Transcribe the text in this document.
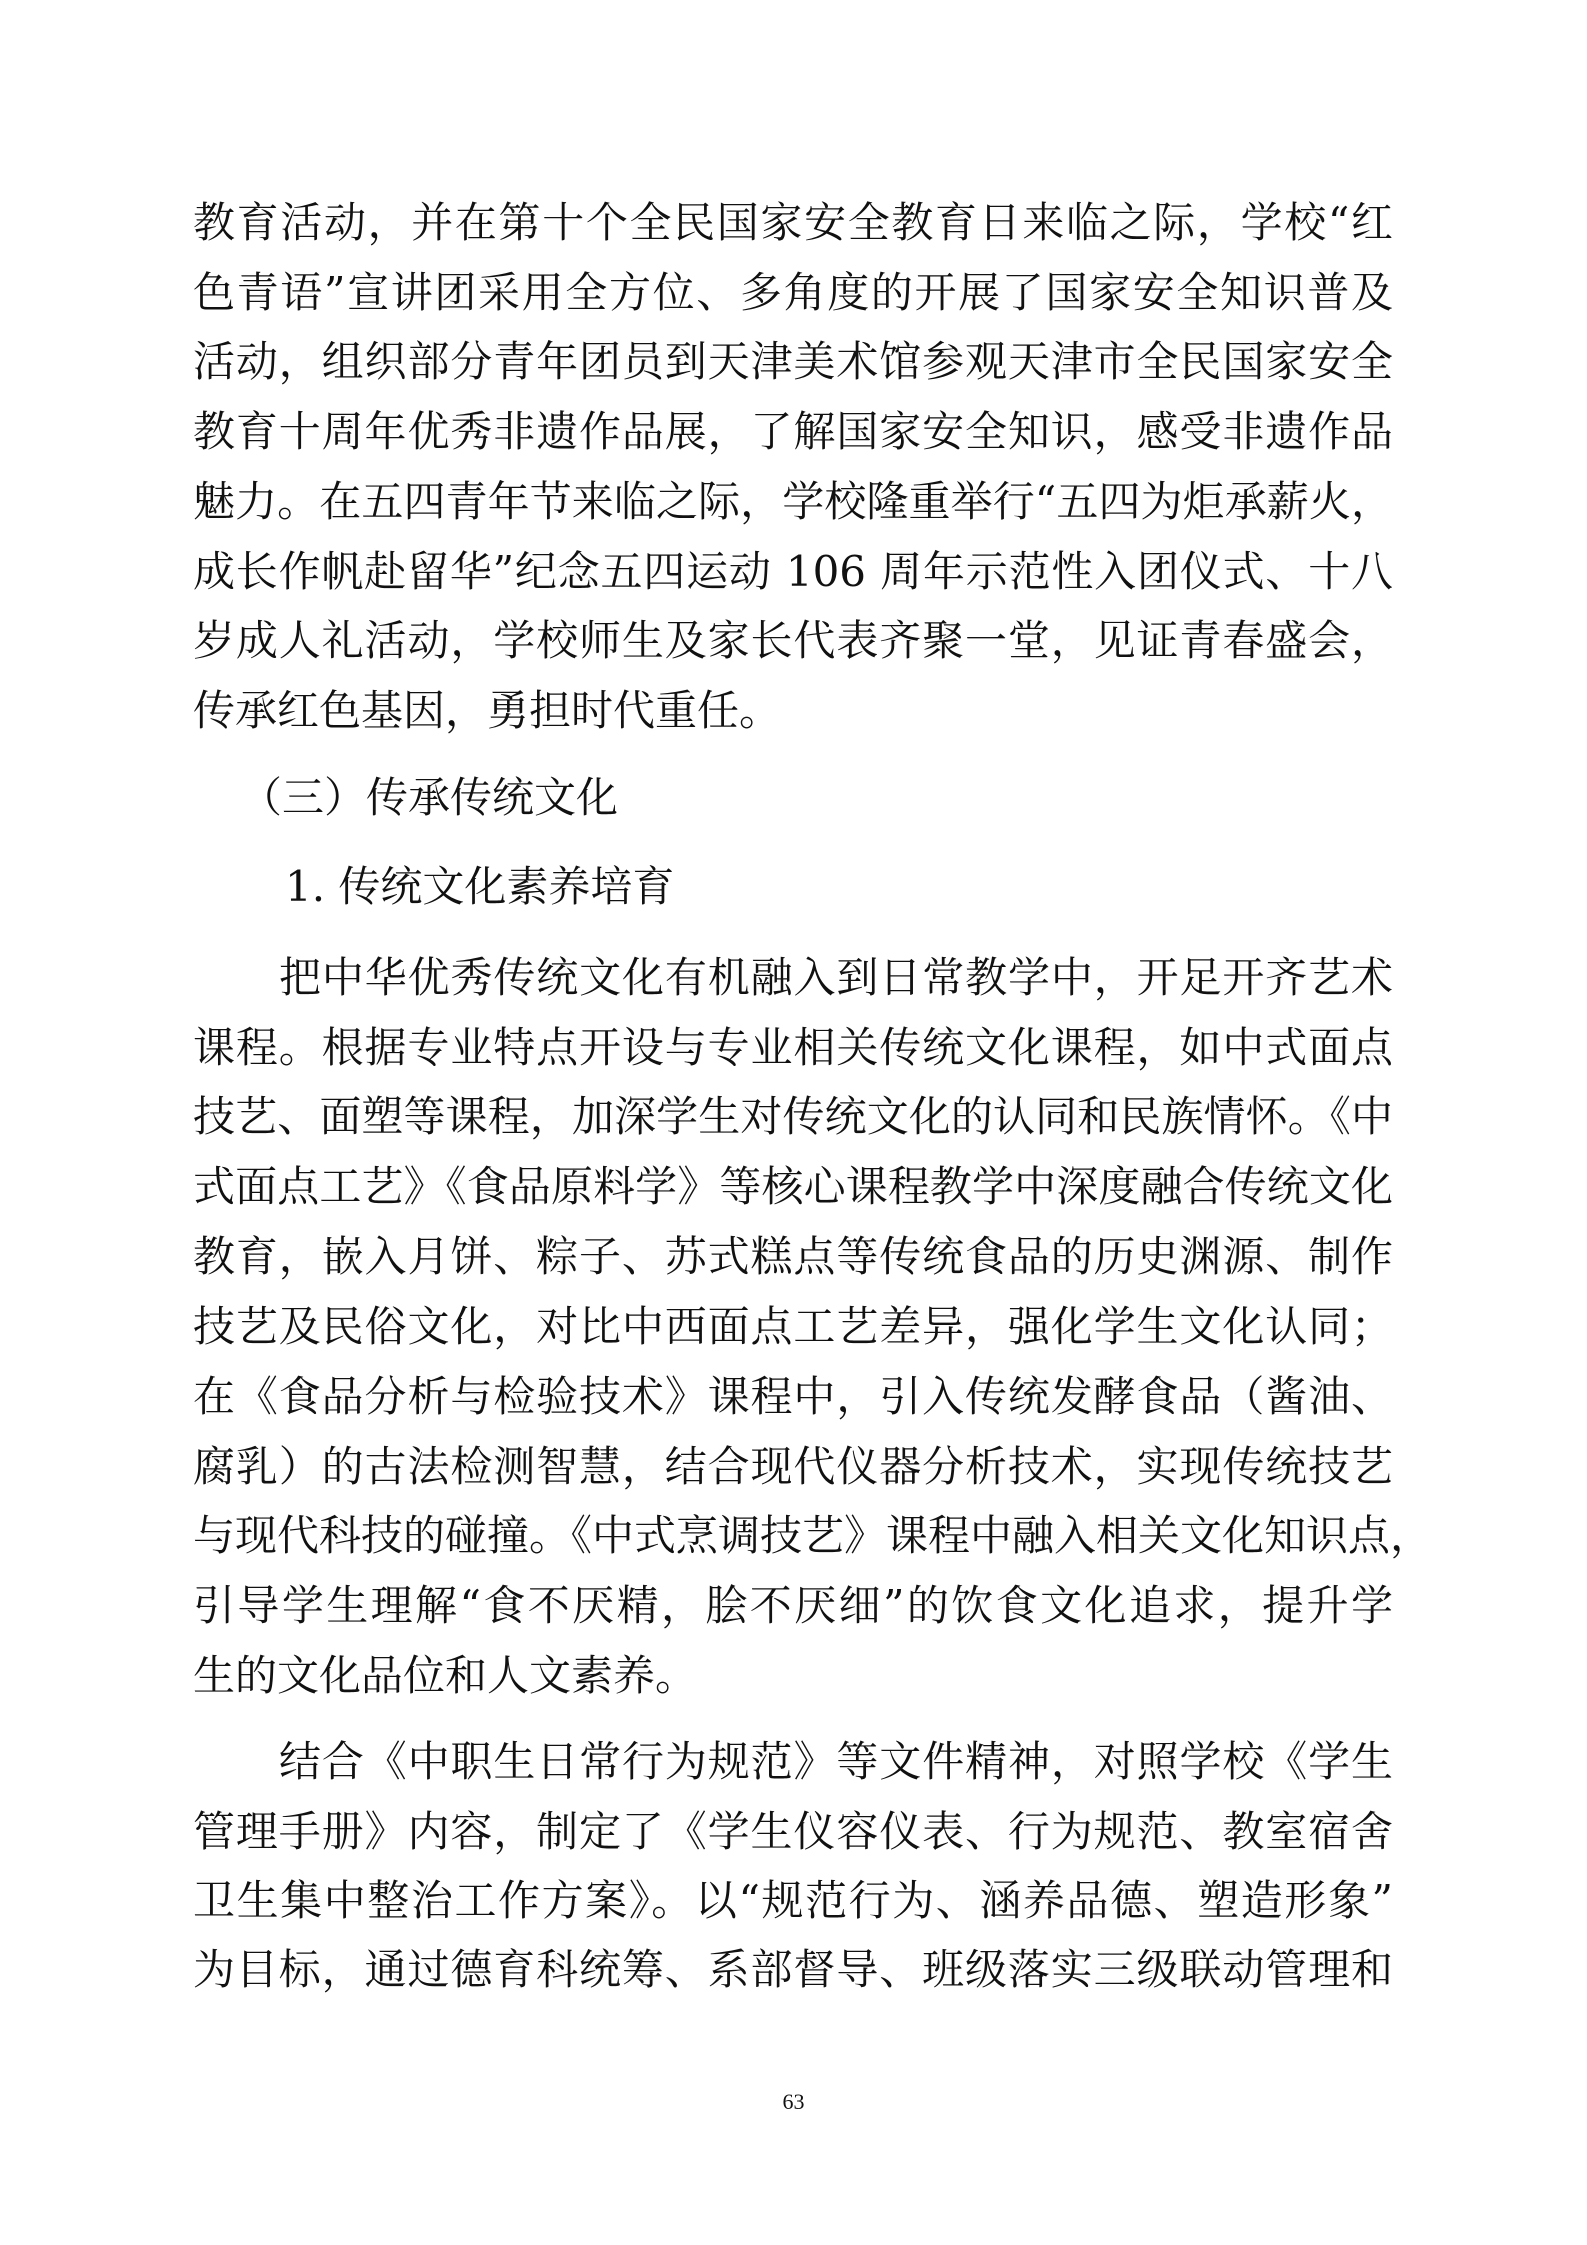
教育活动，并在第十个全民国家安全教育日来临之际，学校“红
色青语”宣讲团采用全方位、多角度的开展了国家安全知识普及
活动，组织部分青年团员到天津美术馆参观天津市全民国家安全
教育十周年优秀非遗作品展，了解国家安全知识，感受非遗作品
魅力。在五四青年节来临之际，学校隆重举行“五四为炬承薪火，
成长作帆赴留华”纪念五四运动 106 周年示范性入团仪式、十八
岁成人礼活动，学校师生及家长代表齐聚一堂，见证青春盛会，
传承红色基因，勇担时代重任。
（三）传承传统文化
1. 传统文化素养培育
把中华优秀传统文化有机融入到日常教学中，开足开齐艺术
课程。根据专业特点开设与专业相关传统文化课程，如中式面点
技艺、面塑等课程，加深学生对传统文化的认同和民族情怀。《中
式面点工艺》《食品原料学》等核心课程教学中深度融合传统文化
教育，嵌入月饼、粽子、苏式糕点等传统食品的历史渊源、制作
技艺及民俗文化，对比中西面点工艺差异，强化学生文化认同；
在《食品分析与检验技术》课程中，引入传统发酵食品（酱油、
腐乳）的古法检测智慧，结合现代仪器分析技术，实现传统技艺
与现代科技的碰撞。《中式烹调技艺》课程中融入相关文化知识点，
引导学生理解“食不厌精，脍不厌细”的饮食文化追求，提升学
生的文化品位和人文素养。
结合《中职生日常行为规范》等文件精神，对照学校《学生
管理手册》内容，制定了《学生仪容仪表、行为规范、教室宿舍
卫生集中整治工作方案》。以“规范行为、涵养品德、塑造形象”
为目标，通过德育科统筹、系部督导、班级落实三级联动管理和
63
